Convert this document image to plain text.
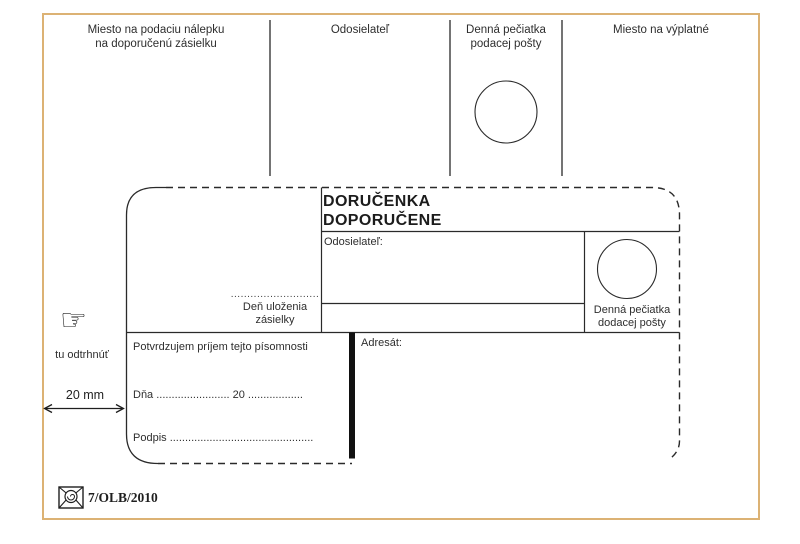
Miesto na podaciu nálepku
na doporučenú zásielku
Odosielateľ	Denná pečiatka
podacej pošty
Miesto na výplatné
DORUČENKA
DOPORUČENE
Odosielateľ:
...........................
Deň uloženia
zásielky
Denná pečiatka
dodacej pošty
Potvrdzujem príjem tejto písomnosti
Dňa ........................ 20 ..................
Podpis ...............................................
Adresát:
☞
tu odtrhnúť
20 mm
7/OLB/2010
